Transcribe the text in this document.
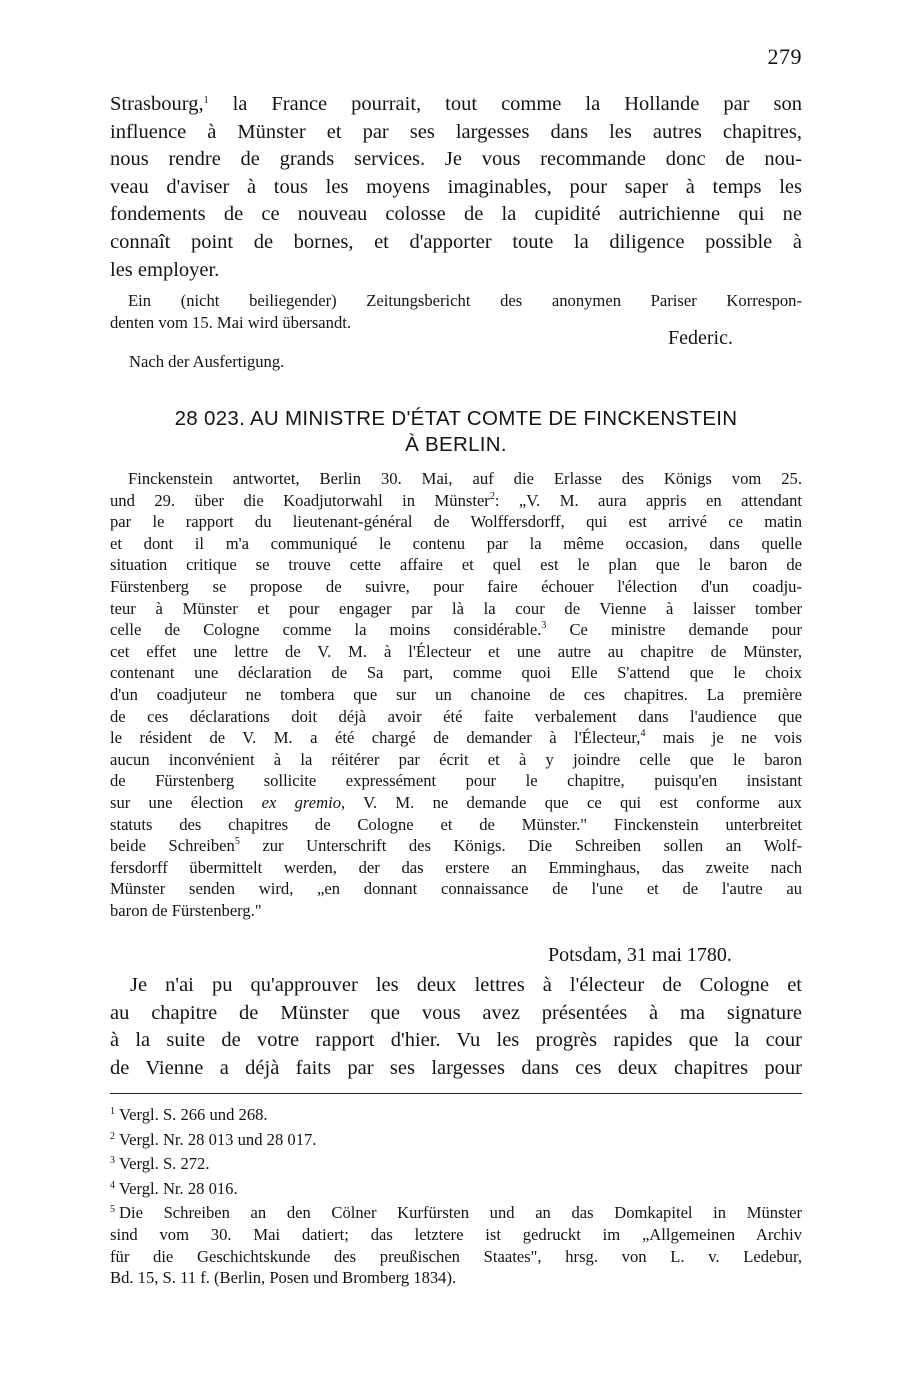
279

Strasbourg,$^1$ la France pourrait, tout comme la Hollande par son

influence à Münster et par ses largesses dans les autres chapitres,

nous rendre de grands services. Je vous recommande donc de nou-

veau d'aviser à tous les moyens imaginables, pour saper à temps les

fondements de ce nouveau colosse de la cupidité autrichienne qui ne

connaît point de bornes, et d'apporter toute la diligence possible à

les employer.

Ein (nicht beiliegender) Zeitungsbericht des anonymen Pariser Korrespon-

denten vom 15. Mai wird übersandt.

Federic.
Nach der Ausfertigung.
28 023. AU MINISTRE D'ÉTAT COMTE DE FINCKENSTEIN
À BERLIN.

Finckenstein antwortet, Berlin 30. Mai, auf die Erlasse des Königs vom 25.

und 29. über die Koadjutorwahl in Münster$^2$: „V. M. aura appris en attendant

par le rapport du lieutenant-général de Wolffersdorff, qui est arrivé ce matin

et dont il m'a communiqué le contenu par la même occasion, dans quelle

situation critique se trouve cette affaire et quel est le plan que le baron de

Fürstenberg se propose de suivre, pour faire échouer l'élection d'un coadju-

teur à Münster et pour engager par là la cour de Vienne à laisser tomber

celle de Cologne comme la moins considérable.$^3$ Ce ministre demande pour

cet effet une lettre de V. M. à l'Électeur et une autre au chapitre de Münster,

contenant une déclaration de Sa part, comme quoi Elle S'attend que le choix

d'un coadjuteur ne tombera que sur un chanoine de ces chapitres. La première

de ces déclarations doit déjà avoir été faite verbalement dans l'audience que

le résident de V. M. a été chargé de demander à l'Électeur,$^4$ mais je ne vois

aucun inconvénient à la réitérer par écrit et à y joindre celle que le baron

de Fürstenberg sollicite expressément pour le chapitre, puisqu'en insistant

sur une élection ex gremio, V. M. ne demande que ce qui est conforme aux

statuts des chapitres de Cologne et de Münster." Finckenstein unterbreitet

beide Schreiben$^5$ zur Unterschrift des Königs. Die Schreiben sollen an Wolf-

fersdorff übermittelt werden, der das erstere an Emminghaus, das zweite nach

Münster senden wird, „en donnant connaissance de l'une et de l'autre au

baron de Fürstenberg."

Potsdam, 31 mai 1780.

Je n'ai pu qu'approuver les deux lettres à l'électeur de Cologne et

au chapitre de Münster que vous avez présentées à ma signature

à la suite de votre rapport d'hier. Vu les progrès rapides que la cour

de Vienne a déjà faits par ses largesses dans ces deux chapitres pour

$^1$ Vergl. S. 266 und 268.

$^2$ Vergl. Nr. 28 013 und 28 017.

$^3$ Vergl. S. 272.

$^4$ Vergl. Nr. 28 016.

$^5$ Die Schreiben an den Cölner Kurfürsten und an das Domkapitel in Münster

sind vom 30. Mai datiert; das letztere ist gedruckt im „Allgemeinen Archiv

für die Geschichtskunde des preußischen Staates", hrsg. von L. v. Ledebur,

Bd. 15, S. 11 f. (Berlin, Posen und Bromberg 1834).
